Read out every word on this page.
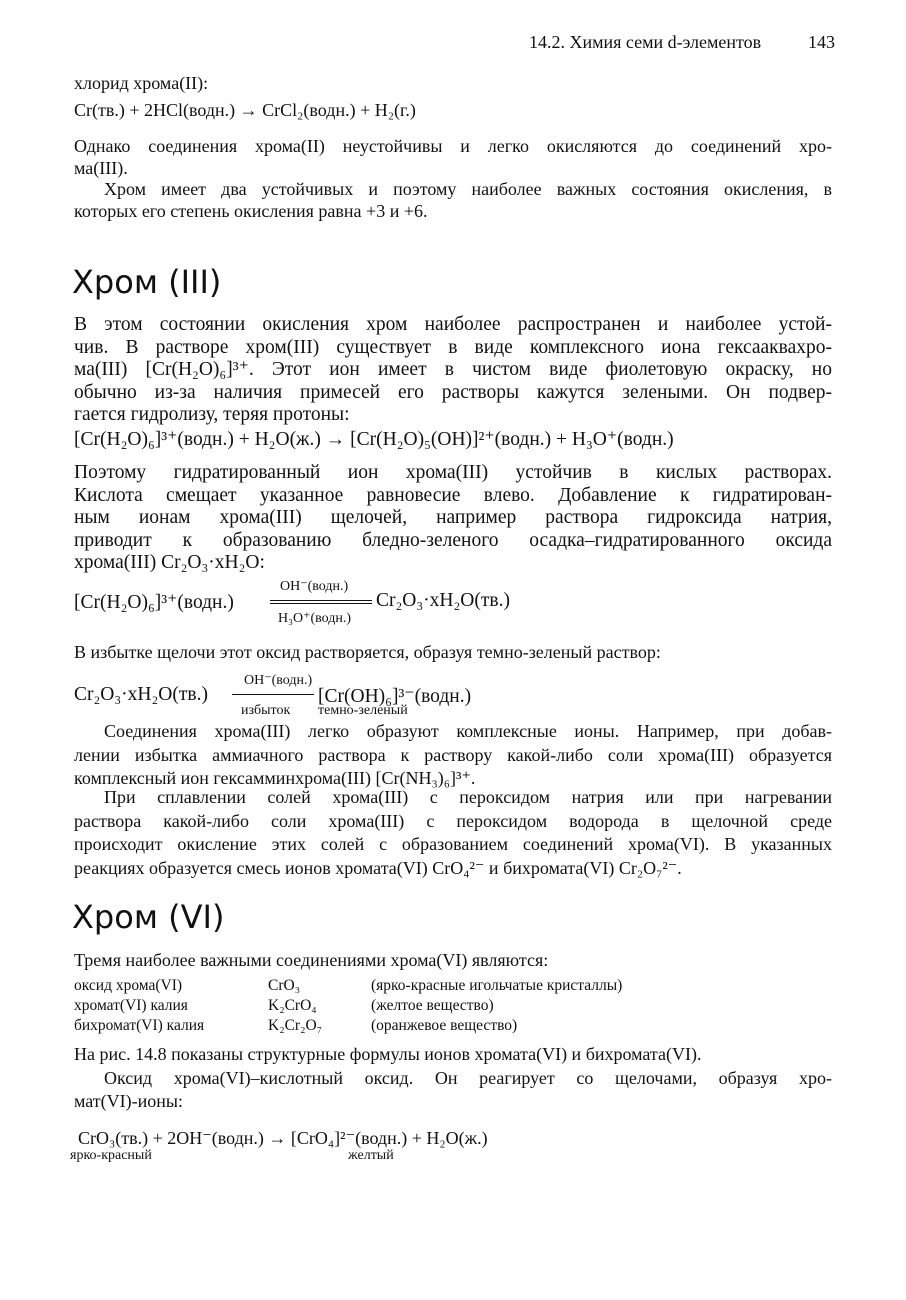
14.2. Химия семи d-элементов	143
хлорид хрома(II):
Cr(тв.) + 2HCl(водн.) → CrCl₂(водн.) + H₂(г.)
Однако соединения хрома(II) неустойчивы и легко окисляются до соединений хро-
ма(III).
Хром имеет два устойчивых и поэтому наиболее важных состояния окисления, в
которых его степень окисления равна +3 и +6.
Хром (III)
В этом состоянии окисления хром наиболее распространен и наиболее устой-
чив. В растворе хром(III) существует в виде комплексного иона гексааквахро-
ма(III) [Cr(H₂O)₆]³⁺. Этот ион имеет в чистом виде фиолетовую окраску, но
обычно из-за наличия примесей его растворы кажутся зелеными. Он подвер-
гается гидролизу, теряя протоны:
[Cr(H₂O)₆]³⁺(водн.) + H₂O(ж.) → [Cr(H₂O)₅(OH)]²⁺(водн.) + H₃O⁺(водн.)
Поэтому гидратированный ион хрома(III) устойчив в кислых растворах.
Кислота смещает указанное равновесие влево. Добавление к гидратирован-
ным ионам хрома(III) щелочей, например раствора гидроксида натрия,
приводит к образованию бледно-зеленого осадка–гидратированного оксида
хрома(III) Cr₂O₃·xH₂O:
[Cr(H₂O)₆]³⁺(водн.)
OH⁻(водн.)
H₃O⁺(водн.)
Cr₂O₃·xH₂O(тв.)
В избытке щелочи этот оксид растворяется, образуя темно-зеленый раствор:
Cr₂O₃·xH₂O(тв.)
OH⁻(водн.)
избыток
[Cr(OH)₆]³⁻(водн.)
темно-зеленый
Соединения хрома(III) легко образуют комплексные ионы. Например, при добав-
лении избытка аммиачного раствора к раствору какой-либо соли хрома(III) образуется
комплексный ион гексамминхрома(III) [Cr(NH₃)₆]³⁺.
При сплавлении солей хрома(III) с пероксидом натрия или при нагревании
раствора какой-либо соли хрома(III) с пероксидом водорода в щелочной среде
происходит окисление этих солей с образованием соединений хрома(VI). В указанных
реакциях образуется смесь ионов хромата(VI) CrO₄²⁻ и бихромата(VI) Cr₂O₇²⁻.
Хром (VI)
Тремя наиболее важными соединениями хрома(VI) являются:
оксид хрома(VI)	CrO₃	(ярко-красные игольчатые кристаллы)
хромат(VI) калия	K₂CrO₄	(желтое вещество)
бихромат(VI) калия	K₂Cr₂O₇	(оранжевое вещество)
На рис. 14.8 показаны структурные формулы ионов хромата(VI) и бихромата(VI).
Оксид хрома(VI)–кислотный оксид. Он реагирует со щелочами, образуя хро-
мат(VI)-ионы:
CrO₃(тв.) + 2OH⁻(водн.) → [CrO₄]²⁻(водн.) + H₂O(ж.)
ярко-красный	желтый
